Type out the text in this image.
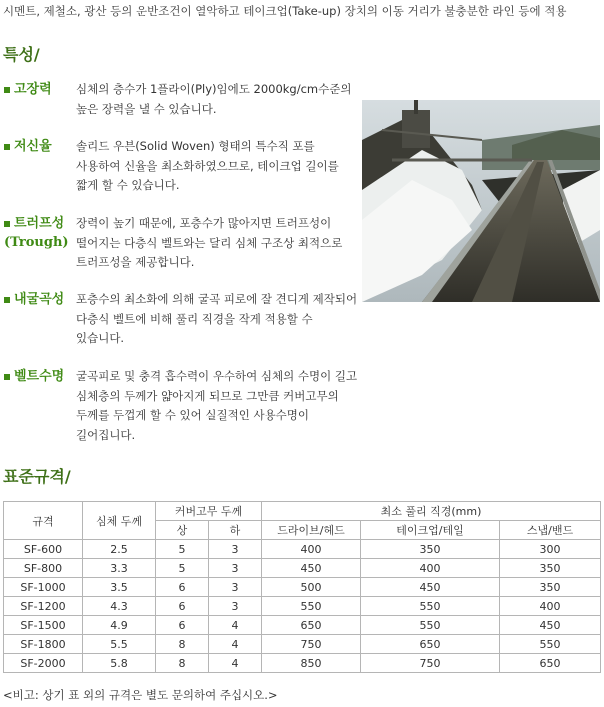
시멘트, 제철소, 광산 등의 운반조건이 열악하고 테이크업(Take-up) 장치의 이동 거리가 불충분한 라인 등에 적용
특성/
고장력 심체의 층수가 1플라이(Ply)임에도 2000kg/cm수준의 높은 장력을 낼 수 있습니다.
저신율 솔리드 우븐(Solid Woven) 형태의 특수직 포를 사용하여 신율을 최소화하였으므로, 테이크업 길이를 짧게 할 수 있습니다.
트러프성
(Trough)
장력이 높기 때문에, 포층수가 많아지면 트러프성이 떨어지는 다층식 벨트와는 달리 심체 구조상 최적으로 트러프성을 제공합니다.
내굴곡성 포층수의 최소화에 의해 굴곡 피로에 잘 견디게 제작되어 다층식 벨트에 비해 풀리 직경을 작게 적용할 수 있습니다.
벨트수명 굴곡피로 및 충격 흡수력이 우수하여 심체의 수명이 길고 심체층의 두께가 얇아지게 되므로 그만큼 커버고무의 두께를 두껍게 할 수 있어 실질적인 사용수명이 길어집니다.
표준규격/
규격	심체 두께	커버고무 두께		최소 풀리 직경(mm)		
		상	하	드라이브/헤드	테이크업/테일	스냅/밴드
SF-600	2.5	5	3	400	350	300
SF-800	3.3	5	3	450	400	350
SF-1000	3.5	6	3	500	450	350
SF-1200	4.3	6	3	550	550	400
SF-1500	4.9	6	4	650	550	450
SF-1800	5.5	8	4	750	650	550
SF-2000	5.8	8	4	850	750	650
<비고: 상기 표 외의 규격은 별도 문의하여 주십시오.>
